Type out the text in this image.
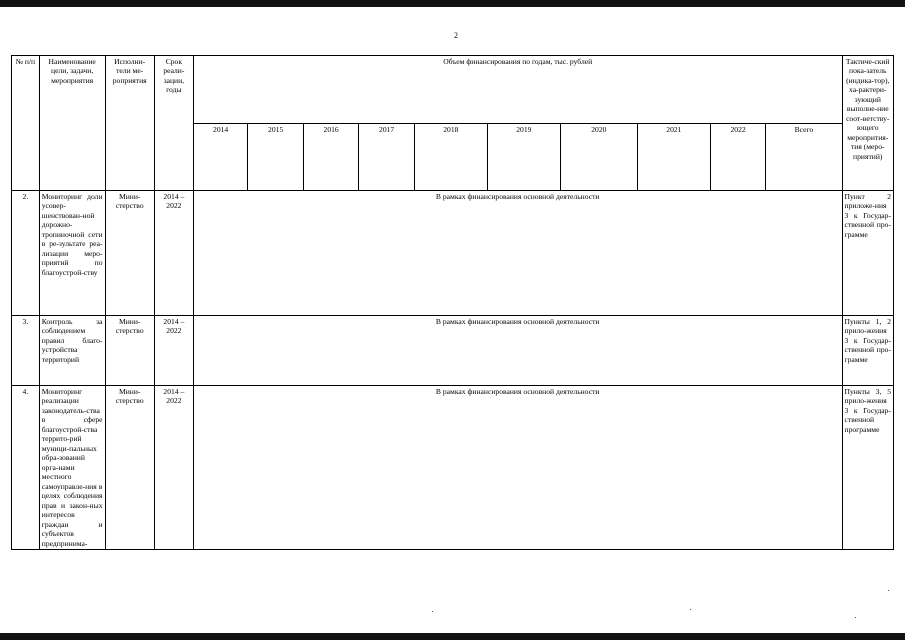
2
№ п/п	Наименование цели, задачи, мероприятия	Исполни-тели ме-роприятия	Срок реали-зации, годы	Объем финансирования по годам, тыс. рублей										Тактиче-ский пока-затель (индика-тор), ха-рактери-зующий выполне-ние соот-ветству-ющего меропрития-тия (меро-приятий)
				2014	2015	2016	2017	2018	2019	2020	2021	2022	Всего	
2.	Мониторинг доли усовер-шенствован-ной дорожно-тропиночной сети в ре-зультате реа-лизации меро-приятий по благоустрой-ству	Мини-стерство	2014 – 2022	В рамках финансирования основной деятельности										Пункт 2 приложе-ния 3 к Государ-ственной про-грамме
3.	Контроль за соблюдением правил благо-устройства территорий	Мини-стерство	2014 – 2022	В рамках финансирования основной деятельности										Пункты 1, 2 прило-жения 3 к Государ-ственной про-грамме
4.	Мониторинг реализации законодатель-ства в сфере благоустрой-ства террито-рий муници-пальных обра-зований орга-нами местного самоуправле-ния в целях соблюдения прав и закон-ных интересов граждан и субъектов предпринима-	Мини-стерство	2014 – 2022	В рамках финансирования основной деятельности										Пункты 3, 5 прило-жения 3 к Государ-ственной программе
